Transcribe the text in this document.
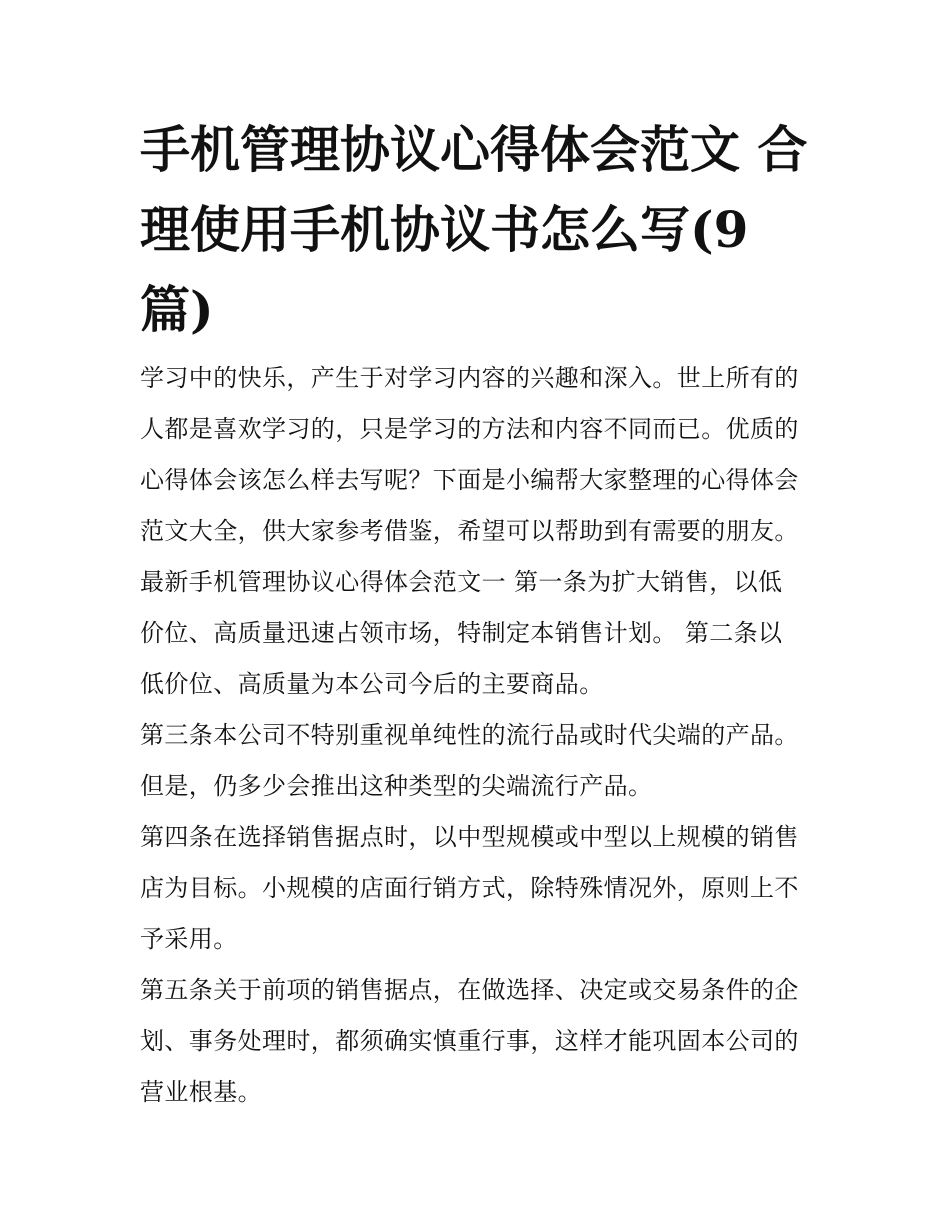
手机管理协议心得体会范文 合
理使用手机协议书怎么写(9
篇)
学习中的快乐，产生于对学习内容的兴趣和深入。世上所有的
人都是喜欢学习的，只是学习的方法和内容不同而已。优质的
心得体会该怎么样去写呢？下面是小编帮大家整理的心得体会
范文大全，供大家参考借鉴，希望可以帮助到有需要的朋友。
最新手机管理协议心得体会范文一 第一条为扩大销售，以低
价位、高质量迅速占领市场，特制定本销售计划。 第二条以
低价位、高质量为本公司今后的主要商品。
第三条本公司不特别重视单纯性的流行品或时代尖端的产品。
但是，仍多少会推出这种类型的尖端流行产品。
第四条在选择销售据点时，以中型规模或中型以上规模的销售
店为目标。小规模的店面行销方式，除特殊情况外，原则上不
予采用。
第五条关于前项的销售据点，在做选择、决定或交易条件的企
划、事务处理时，都须确实慎重行事，这样才能巩固本公司的
营业根基。
